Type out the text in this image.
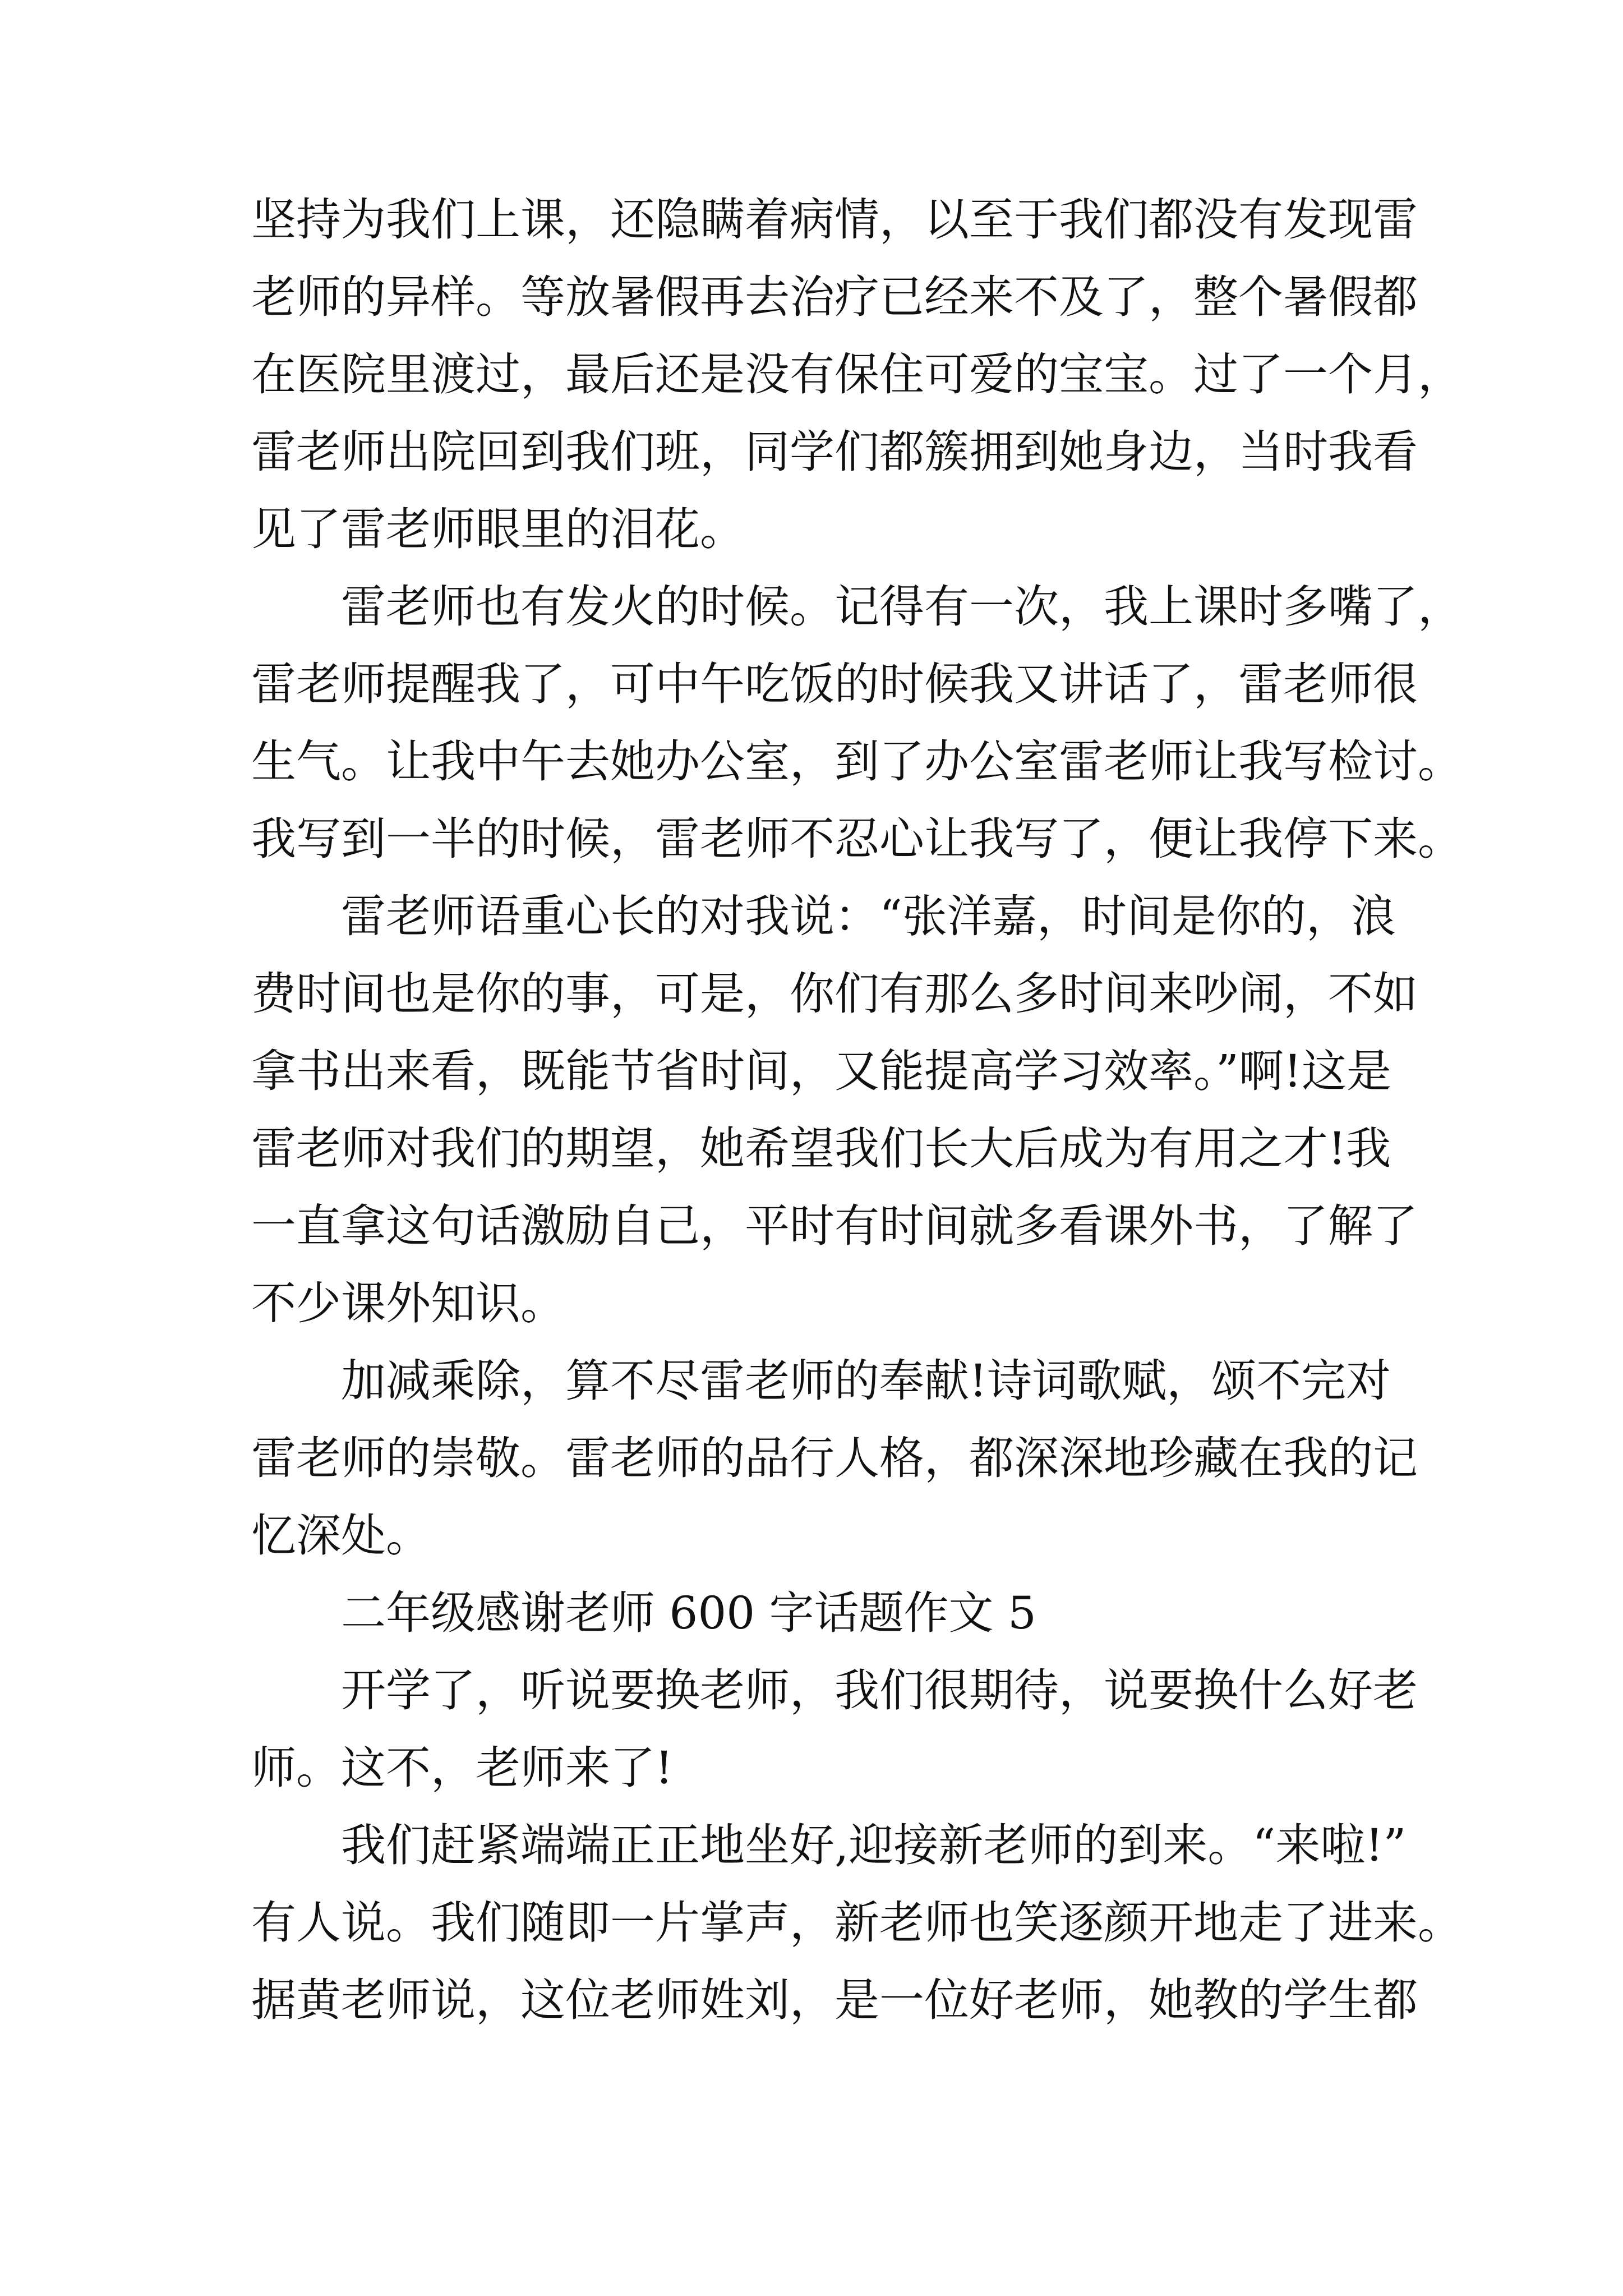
坚持为我们上课，还隐瞒着病情，以至于我们都没有发现雷
老师的异样。等放暑假再去治疗已经来不及了，整个暑假都
在医院里渡过，最后还是没有保住可爱的宝宝。过了一个月，
雷老师出院回到我们班，同学们都簇拥到她身边，当时我看
见了雷老师眼里的泪花。
雷老师也有发火的时候。记得有一次，我上课时多嘴了，
雷老师提醒我了，可中午吃饭的时候我又讲话了，雷老师很
生气。让我中午去她办公室，到了办公室雷老师让我写检讨。
我写到一半的时候，雷老师不忍心让我写了，便让我停下来。
雷老师语重心长的对我说：“张洋嘉，时间是你的，浪
费时间也是你的事，可是，你们有那么多时间来吵闹，不如
拿书出来看，既能节省时间，又能提高学习效率。”啊!这是
雷老师对我们的期望，她希望我们长大后成为有用之才!我
一直拿这句话激励自己，平时有时间就多看课外书，了解了
不少课外知识。
加减乘除，算不尽雷老师的奉献!诗词歌赋，颂不完对
雷老师的崇敬。雷老师的品行人格，都深深地珍藏在我的记
忆深处。
二年级感谢老师 600 字话题作文 5
开学了，听说要换老师，我们很期待，说要换什么好老
师。这不，老师来了!
我们赶紧端端正正地坐好,迎接新老师的到来。“来啦!”
有人说。我们随即一片掌声，新老师也笑逐颜开地走了进来。
据黄老师说，这位老师姓刘，是一位好老师，她教的学生都
